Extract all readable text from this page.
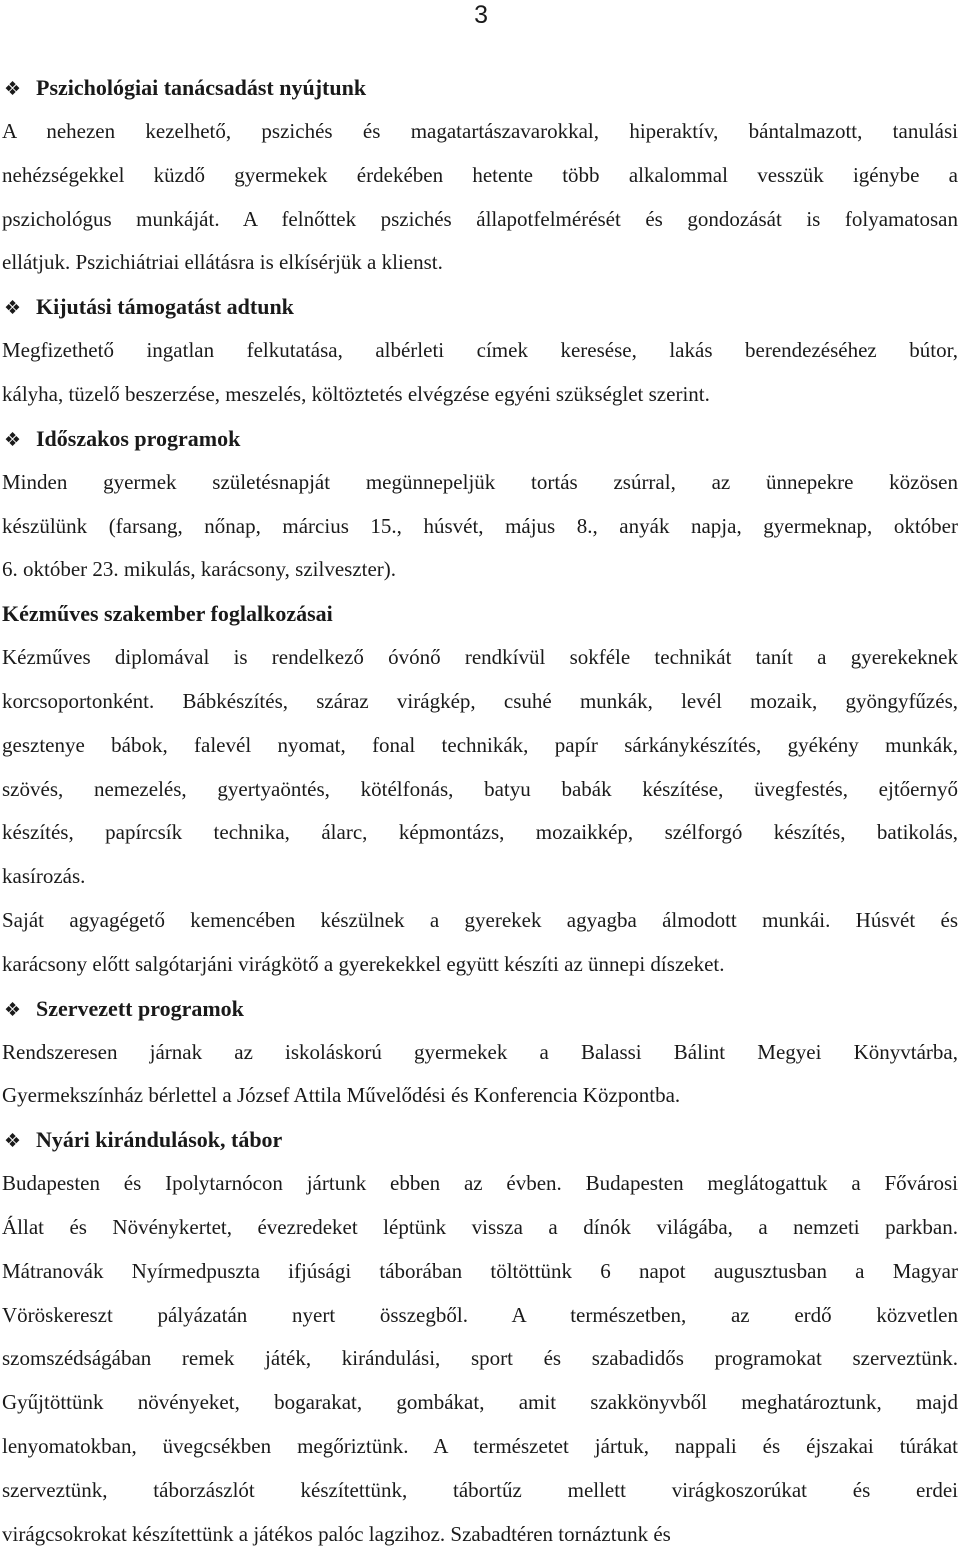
3
❖ Pszichológiai tanácsadást nyújtunk
A nehezen kezelhető, pszichés és magatartászavarokkal, hiperaktív, bántalmazott, tanulási
nehézségekkel küzdő gyermekek érdekében hetente több alkalommal vesszük igénybe a
pszichológus munkáját. A felnőttek pszichés állapotfelmérését és gondozását is folyamatosan
ellátjuk. Pszichiátriai ellátásra is elkísérjük a klienst.
❖ Kijutási támogatást adtunk
Megfizethető ingatlan felkutatása, albérleti címek keresése, lakás berendezéséhez bútor,
kályha, tüzelő beszerzése, meszelés, költöztetés elvégzése egyéni szükséglet szerint.
❖ Időszakos programok
Minden gyermek születésnapját megünnepeljük tortás zsúrral, az ünnepekre közösen
készülünk (farsang, nőnap, március 15., húsvét, május 8., anyák napja, gyermeknap, október
6. október 23. mikulás, karácsony, szilveszter).
Kézműves szakember foglalkozásai
Kézműves diplomával is rendelkező óvónő rendkívül sokféle technikát tanít a gyerekeknek
korcsoportonként. Bábkészítés, száraz virágkép, csuhé munkák, levél mozaik, gyöngyfűzés,
gesztenye bábok, falevél nyomat, fonal technikák, papír sárkánykészítés, gyékény munkák,
szövés, nemezelés, gyertyaöntés, kötélfonás, batyu babák készítése, üvegfestés, ejtőernyő
készítés, papírcsík technika, álarc, képmontázs, mozaikkép, szélforgó készítés, batikolás,
kasírozás.
Saját agyagégető kemencében készülnek a gyerekek agyagba álmodott munkái. Húsvét és
karácsony előtt salgótarjáni virágkötő a gyerekekkel együtt készíti az ünnepi díszeket.
❖ Szervezett programok
Rendszeresen járnak az iskoláskorú gyermekek a Balassi Bálint Megyei Könyvtárba,
Gyermekszínház bérlettel a József Attila Művelődési és Konferencia Központba.
❖ Nyári kirándulások, tábor
Budapesten és Ipolytarnócon jártunk ebben az évben. Budapesten meglátogattuk a Fővárosi
Állat és Növénykertet, évezredeket léptünk vissza a dínók világába, a nemzeti parkban.
Mátranovák Nyírmedpuszta ifjúsági táborában töltöttünk 6 napot augusztusban a Magyar
Vöröskereszt pályázatán nyert összegből. A természetben, az erdő közvetlen
szomszédságában remek játék, kirándulási, sport és szabadidős programokat szerveztünk.
Gyűjtöttünk növényeket, bogarakat, gombákat, amit szakkönyvből meghatároztunk, majd
lenyomatokban, üvegcsékben megőriztünk. A természetet jártuk, nappali és éjszakai túrákat
szerveztünk, táborzászlót készítettünk, tábortűz mellett virágkoszorúkat és erdei
virágcsokrokat készítettünk a játékos palóc lagzihoz. Szabadtéren tornáztunk és
